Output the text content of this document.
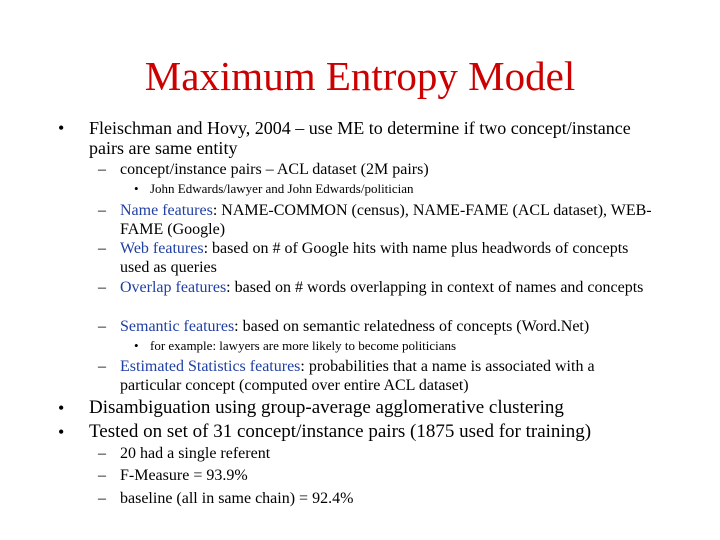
Maximum Entropy Model
• Fleischman and Hovy, 2004 – use ME to determine if two concept/instance pairs are same entity
– concept/instance pairs – ACL dataset (2M pairs)
• John Edwards/lawyer and John Edwards/politician
– Name features: NAME-COMMON (census), NAME-FAME (ACL dataset), WEB-FAME (Google)
– Web features: based on # of Google hits with name plus headwords of concepts used as queries
– Overlap features: based on # words overlapping in context of names and concepts
– Semantic features: based on semantic relatedness of concepts (Word.Net)
• for example: lawyers are more likely to become politicians
– Estimated Statistics features: probabilities that a name is associated with a particular concept (computed over entire ACL dataset)
• Disambiguation using group-average agglomerative clustering
• Tested on set of 31 concept/instance pairs (1875 used for training)
– 20 had a single referent
– F-Measure = 93.9%
– baseline (all in same chain) = 92.4%
